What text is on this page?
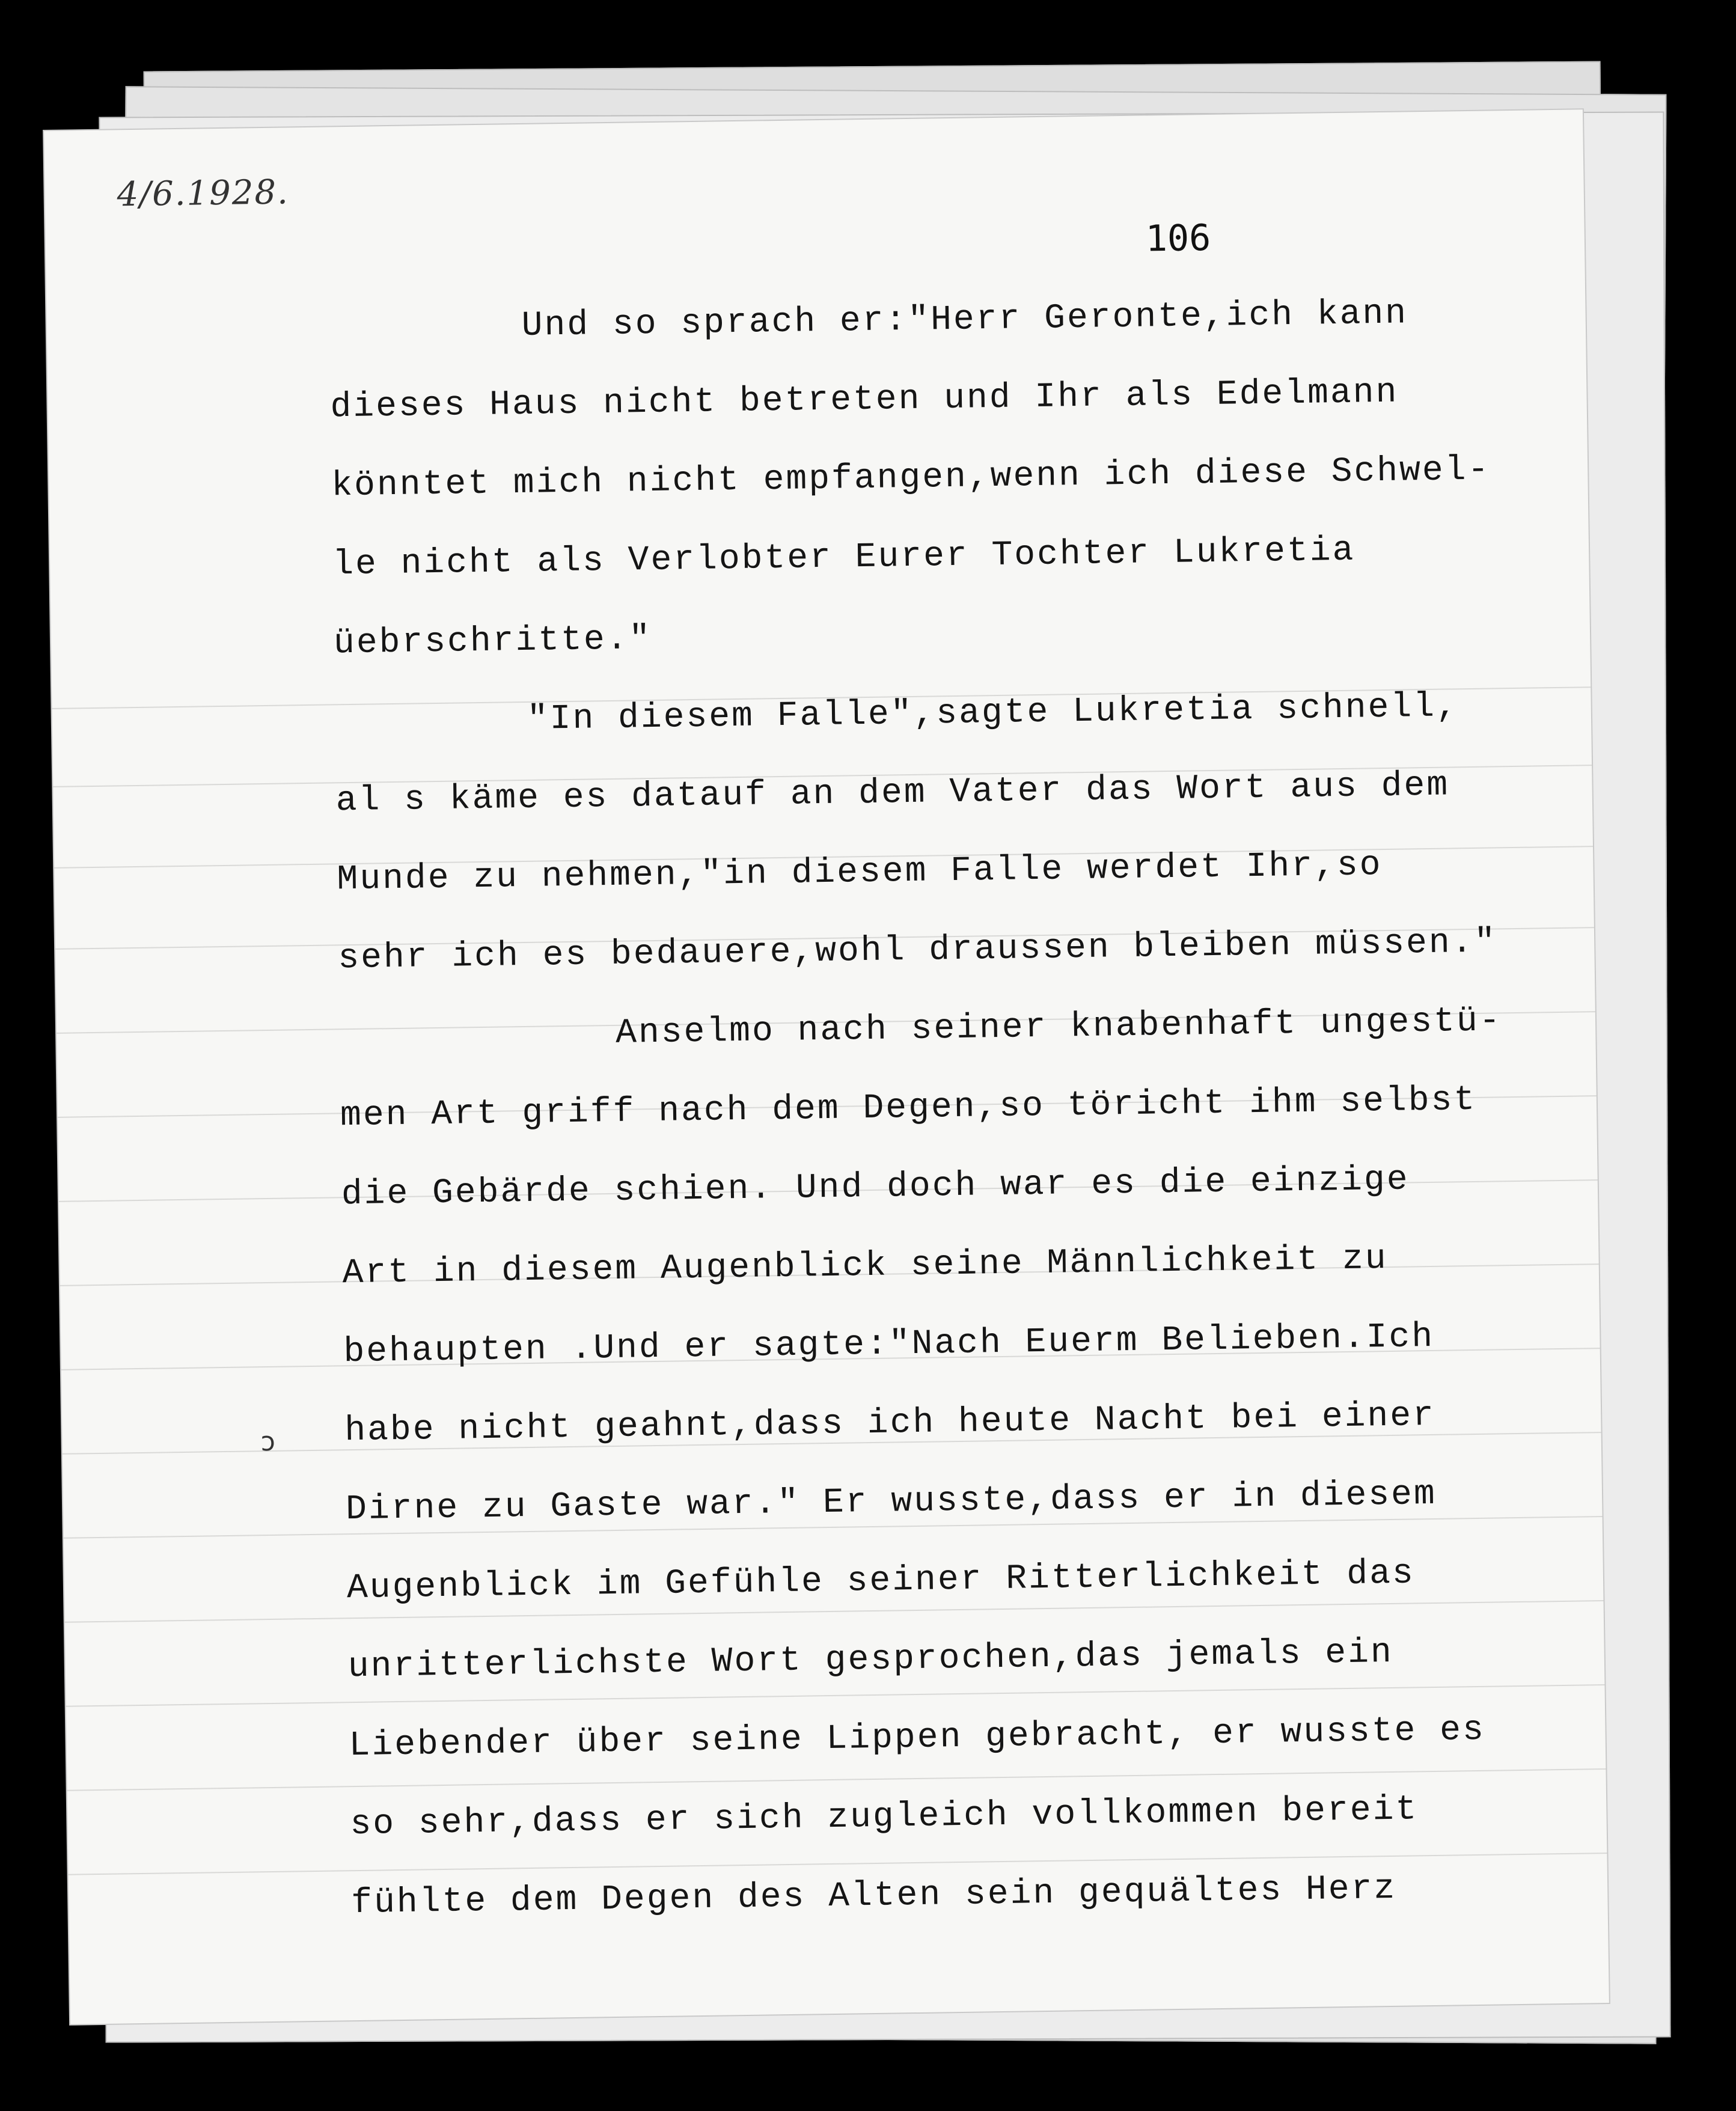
4/6.1928.
106
ↄ
Und so sprach er:"Herr Geronte,ich kann
dieses Haus nicht betreten und Ihr als Edelmann
könntet mich nicht empfangen,wenn ich diese Schwel-
le nicht als Verlobter Eurer Tochter Lukretia
üebrschritte."
"In diesem Falle",sagte Lukretia schnell,
al s käme es datauf an dem Vater das Wort aus dem
Munde zu nehmen,"in diesem Falle werdet Ihr,so
sehr ich es bedauere,wohl draussen bleiben müssen."
Anselmo nach seiner knabenhaft ungestü-
men Art griff nach dem Degen,so töricht ihm selbst
die Gebärde schien. Und doch war es die einzige
Art in diesem Augenblick seine Männlichkeit zu
behaupten .Und er sagte:"Nach Euerm Belieben.Ich
habe nicht geahnt,dass ich heute Nacht bei einer
Dirne zu Gaste war." Er wusste,dass er in diesem
Augenblick im Gefühle seiner Ritterlichkeit das
unritterlichste Wort gesprochen,das jemals ein
Liebender über seine Lippen gebracht, er wusste es
so sehr,dass er sich zugleich vollkommen bereit
fühlte dem Degen des Alten sein gequältes Herz
